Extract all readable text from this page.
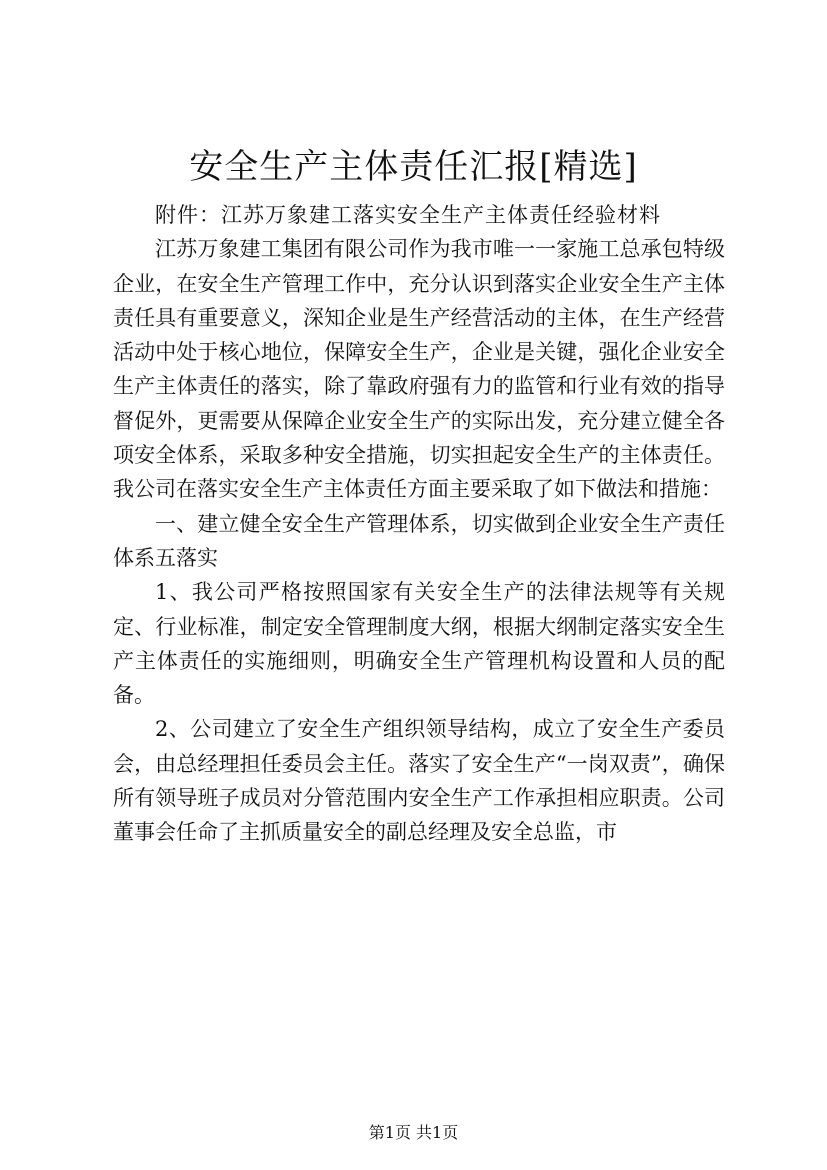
安全生产主体责任汇报[精选]

附件：江苏万象建工落实安全生产主体责任经验材料

江苏万象建工集团有限公司作为我市唯一一家施工总承包特级企业，在安全生产管理工作中，充分认识到落实企业安全生产主体责任具有重要意义，深知企业是生产经营活动的主体，在生产经营活动中处于核心地位，保障安全生产，企业是关键，强化企业安全生产主体责任的落实，除了靠政府强有力的监管和行业有效的指导督促外，更需要从保障企业安全生产的实际出发，充分建立健全各项安全体系，采取多种安全措施，切实担起安全生产的主体责任。我公司在落实安全生产主体责任方面主要采取了如下做法和措施：

一、建立健全安全生产管理体系，切实做到企业安全生产责任体系五落实

1、我公司严格按照国家有关安全生产的法律法规等有关规定、行业标准，制定安全管理制度大纲，根据大纲制定落实安全生产主体责任的实施细则，明确安全生产管理机构设置和人员的配备。

2、公司建立了安全生产组织领导结构，成立了安全生产委员会，由总经理担任委员会主任。落实了安全生产“一岗双责”，确保所有领导班子成员对分管范围内安全生产工作承担相应职责。公司董事会任命了主抓质量安全的副总经理及安全总监，市

第1页 共1页
